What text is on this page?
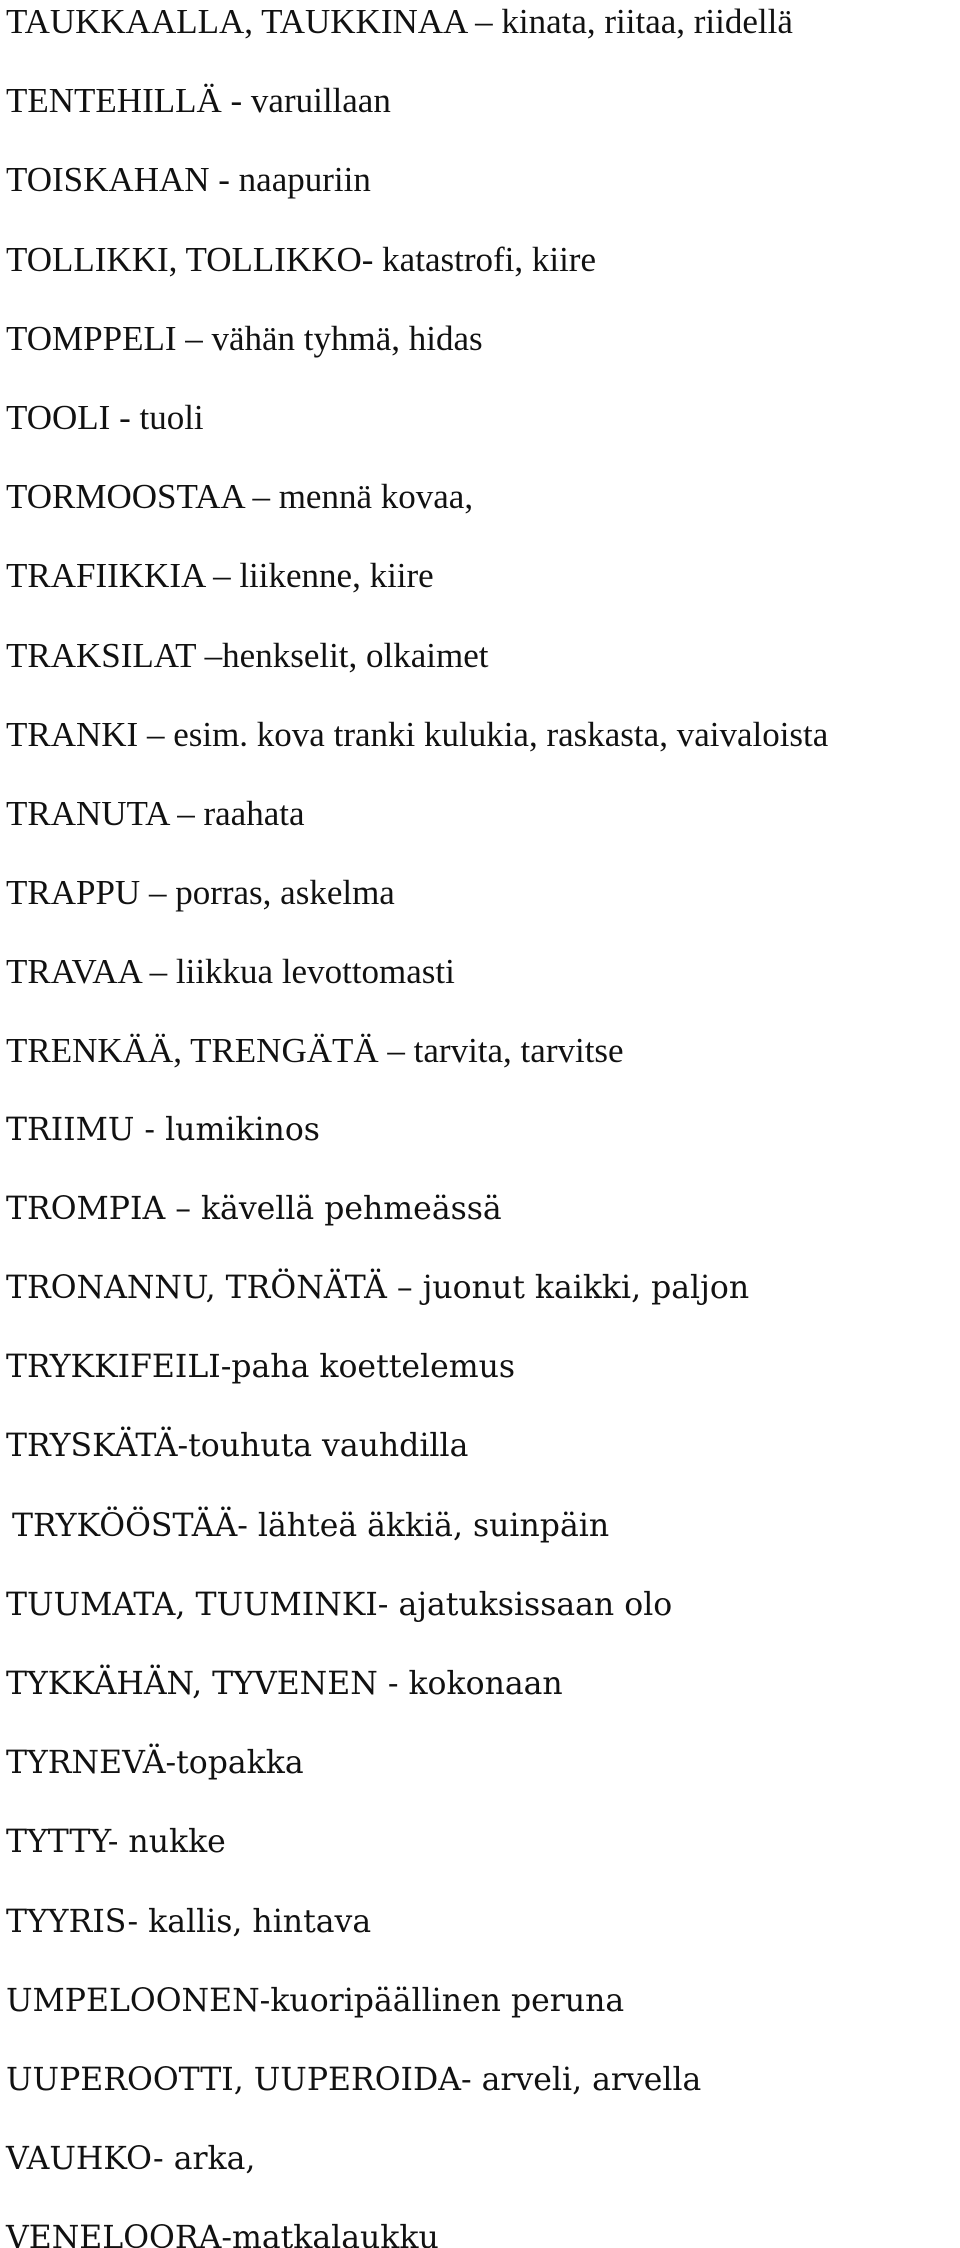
TAUKKAALLA, TAUKKINAA – kinata, riitaa, riidellä
TENTEHILLÄ - varuillaan
TOISKAHAN - naapuriin
TOLLIKKI, TOLLIKKO- katastrofi, kiire
TOMPPELI – vähän tyhmä, hidas
TOOLI - tuoli
TORMOOSTAA – mennä kovaa,
TRAFIIKKIA – liikenne, kiire
TRAKSILAT –henkselit, olkaimet
TRANKI – esim. kova tranki kulukia, raskasta, vaivaloista
TRANUTA – raahata
TRAPPU – porras, askelma
TRAVAA – liikkua levottomasti
TRENKÄÄ, TRENGÄTÄ – tarvita, tarvitse
TRIIMU - lumikinos
TROMPIA – kävellä pehmeässä
TRONANNU, TRÖNÄTÄ – juonut kaikki, paljon
TRYKKIFEILI-paha koettelemus
TRYSKÄTÄ-touhuta vauhdilla
TRYKÖÖSTÄÄ- lähteä äkkiä, suinpäin
TUUMATA, TUUMINKI- ajatuksissaan olo
TYKKÄHÄN, TYVENEN - kokonaan
TYRNEVÄ-topakka
TYTTY- nukke
TYYRIS- kallis, hintava
UMPELOONEN-kuoripäällinen peruna
UUPEROOTTI, UUPEROIDA- arveli, arvella
VAUHKO- arka,
VENELOORA-matkalaukku
